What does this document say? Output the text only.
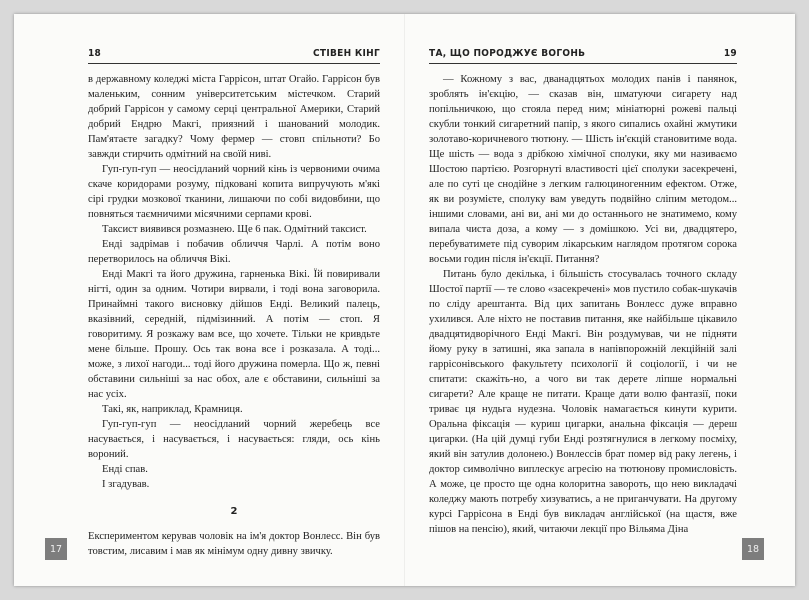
18	СТІВЕН КІНГ

в державному коледжі міста Гаррісон, штат Огайо. Гаррісон був маленьким, сонним університетським містечком. Старий добрий Гаррісон у самому серці центральної Америки, Старий добрий Ендрю Макгі, приязний і шанований молодик. Пам'ятаєте загадку? Чому фермер — стовп спільноти? Бо завжди стирчить одмітний на своїй ниві.

Гуп-гуп-гуп — неосідланий чорний кінь із червоними очима скаче коридорами розуму, підковані копита випручують м'які сірі грудки мозкової тканини, лишаючи по собі видовбини, що повняться таємничими місячними серпами крові.

Таксист виявився розмазнею. Ще 6 пак. Одмітний таксист.

Енді задрімав і побачив обличчя Чарлі. А потім воно перетворилось на обличчя Вікі.

Енді Макгі та його дружина, гарненька Вікі. Їй повиривали нігті, один за одним. Чотири вирвали, і тоді вона заговорила. Принаймні такого висновку дійшов Енді. Великий палець, вказівний, середній, підмізинний. А потім — стоп. Я говоритиму. Я розкажу вам все, що хочете. Тільки не кривдьте мене більше. Прошу. Ось так вона все і розказала. А тоді... може, з лихої нагоди... тоді його дружина померла. Що ж, певні обставини сильніші за нас обох, але є обставини, сильніші за нас усіх.

Такі, як, наприклад, Крамниця.

Гуп-гуп-гуп — неосідланий чорний жеребець все насувається, і насувається, і насувається: гляди, ось кінь вороний.

Енді спав.

І згадував.

2

Експериментом керував чоловік на ім'я доктор Вонлесс. Він був товстим, лисавим і мав як мінімум одну дивну звичку.

ТА, ЩО ПОРОДЖУЄ ВОГОНЬ	19

— Кожному з вас, дванадцятьох молодих панів і панянок, зроблять ін'єкцію, — сказав він, шматуючи сигарету над попільничкою, що стояла перед ним; мініатюрні рожеві пальці скубли тонкий сигаретний папір, з якого сипались охайні жмутики золотаво-коричневого тютюну. — Шість ін'єкцій становитиме вода. Ще шість — вода з дрібкою хімічної сполуки, яку ми називаємо Шостою партією. Розгорнуті властивості цієї сполуки засекречені, але по суті це снодійне з легким галюциногенним ефектом. Отже, як ви розумієте, сполуку вам уведуть подвійно сліпим методом... іншими словами, ані ви, ані ми до останнього не знатимемо, кому випала чиста доза, а кому — з домішкою. Усі ви, двадцятеро, перебуватимете під суворим лікарським наглядом протягом сорока восьми годин після ін'єкції. Питання?

Питань було декілька, і більшість стосувалась точного складу Шостої партії — те слово «засекречені» мов пустило собак-шукачів по сліду арештанта. Від цих запитань Вонлесс дуже вправно ухилився. Але ніхто не поставив питання, яке найбільше цікавило двадцятидворічного Енді Макгі. Він роздумував, чи не підняти йому руку в затишні, яка запала в напівпорожній лекційній залі гаррісонівського факультету психології й соціології, і чи не спитати: скажіть-но, а чого ви так дерете ліпше нормальні сигарети? Але краще не питати. Краще дати волю фантазії, поки триває ця нудьга нудезна. Чоловік намагається кинути курити. Оральна фіксація — куриш цигарки, анальна фіксація — дереш цигарки. (На цій думці губи Енді розтягнулися в легкому посміху, який він затулив долонею.) Вонлессів брат помер від раку легень, і доктор символічно виплескує агресію на тютюнову промисловість. А може, це просто ще одна колоритна завороть, що нею викладачі коледжу мають потребу хизуватись, а не приганчувати. На другому курсі Гаррісона в Енді був викладач англійської (на щастя, вже пішов на пенсію), який, читаючи лекції про Вільяма Діна

17	18
